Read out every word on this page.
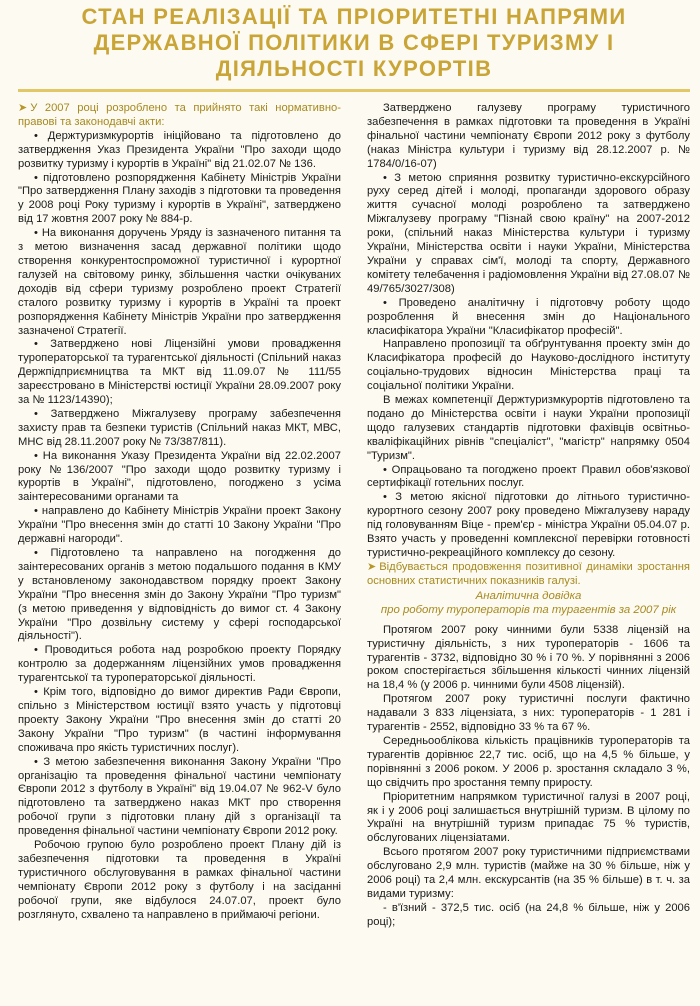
СТАН РЕАЛІЗАЦІЇ ТА ПРІОРИТЕТНІ НАПРЯМИ ДЕРЖАВНОЇ ПОЛІТИКИ В СФЕРІ ТУРИЗМУ І ДІЯЛЬНОСТІ КУРОРТІВ

➤ У 2007 році розроблено та прийнято такі нормативно-правові та законодавчі акти:

• Держтуризмкурортів ініційовано та підготовлено до затвердження Указ Президента України "Про заходи щодо розвитку туризму і курортів в Україні" від 21.02.07 № 136.

• підготовлено розпорядження Кабінету Міністрів України "Про затвердження Плану заходів з підготовки та проведення у 2008 році Року туризму і курортів в Україні", затверджено від 17 жовтня 2007 року № 884-р.

• На виконання доручень Уряду із зазначеного питання та з метою визначення засад державної політики щодо створення конкурентоспроможної туристичної і курортної галузей на світовому ринку, збільшення частки очікуваних доходів від сфери туризму розроблено проект Стратегії сталого розвитку туризму і курортів в Україні та проект розпорядження Кабінету Міністрів України про затвердження зазначеної Стратегії.

• Затверджено нові Ліцензійні умови провадження туроператорської та турагентської діяльності (Спільний наказ Держпідприємництва та МКТ від 11.09.07 № 111/55 зареєстровано в Міністерстві юстиції України 28.09.2007 року за № 1123/14390);

• Затверджено Міжгалузеву програму забезпечення захисту прав та безпеки туристів (Спільний наказ МКТ, МВС, МНС від 28.11.2007 року № 73/387/811).

• На виконання Указу Президента України від 22.02.2007 року №136/2007 "Про заходи щодо розвитку туризму і курортів в Україні", підготовлено, погоджено з усіма заінтересованими органами та

• направлено до Кабінету Міністрів України проект Закону України "Про внесення змін до статті 10 Закону України "Про державні нагороди".

• Підготовлено та направлено на погодження до заінтересованих органів з метою подальшого подання в КМУ у встановленому законодавством порядку проект Закону України "Про внесення змін до Закону України "Про туризм" (з метою приведення у відповідність до вимог ст. 4 Закону України "Про дозвільну систему у сфері господарської діяльності").

• Проводиться робота над розробкою проекту Порядку контролю за додержанням ліцензійних умов провадження турагентської та туроператорської діяльності.

• Крім того, відповідно до вимог директив Ради Європи, спільно з Міністерством юстиції взято участь у підготовці проекту Закону України "Про внесення змін до статті 20 Закону України "Про туризм" (в частині інформування споживача про якість туристичних послуг).

• З метою забезпечення виконання Закону України "Про організацію та проведення фінальної частини чемпіонату Європи 2012 з футболу в Україні" від 19.04.07 № 962-V було підготовлено та затверджено наказ МКТ про створення робочої групи з підготовки плану дій з організації та проведення фінальної частини чемпіонату Європи 2012 року.

Робочою групою було розроблено проект Плану дій із забезпечення підготовки та проведення в Україні туристичного обслуговування в рамках фінальної частини чемпіонату Європи 2012 року з футболу і на засіданні робочої групи, яке відбулося 24.07.07, проект було розглянуто, схвалено та направлено в приймаючі регіони.

Затверджено галузеву програму туристичного забезпечення в рамках підготовки та проведення в Україні фінальної частини чемпіонату Європи 2012 року з футболу (наказ Міністра культури і туризму від 28.12.2007 р. № 1784/0/16-07)

• З метою сприяння розвитку туристично-екскурсійного руху серед дітей і молоді, пропаганди здорового образу життя сучасної молоді розроблено та затверджено Міжгалузеву програму "Пізнай свою країну" на 2007-2012 роки, (спільний наказ Міністерства культури і туризму України, Міністерства освіти і науки України, Міністерства України у справах сім'ї, молоді та спорту, Державного комітету телебачення і радіомовлення України від 27.08.07 № 49/765/3027/308)

• Проведено аналітичну і підготовчу роботу щодо розроблення й внесення змін до Національного класифікатора України "Класифікатор професій".

Направлено пропозиції та обґрунтування проекту змін до Класифікатора професій до Науково-дослідного інституту соціально-трудових відносин Міністерства праці та соціальної політики України.

В межах компетенції Держтуризмкурортів підготовлено та подано до Міністерства освіти і науки України пропозиції щодо галузевих стандартів підготовки фахівців освітньо-кваліфікаційних рівнів "спеціаліст", "магістр" напрямку 0504 "Туризм".

• Опрацьовано та погоджено проект Правил обов'язкової сертифікації готельних послуг.

• З метою якісної підготовки до літнього туристично-курортного сезону 2007 року проведено Міжгалузеву нараду під головуванням Віце - прем'єр - міністра України 05.04.07 р. Взято участь у проведенні комплексної перевірки готовності туристично-рекреаційного комплексу до сезону.

➤ Відбувається продовження позитивної динаміки зростання основних статистичних показників галузі.

Аналітична довідка

про роботу туроператорів та турагентів за 2007 рік

Протягом 2007 року чинними були 5338 ліцензій на туристичну діяльність, з них туроператорів - 1606 та турагентів - 3732, відповідно 30 % і 70 %. У порівнянні з 2006 роком спостерігається збільшення кількості чинних ліцензій на 18,4 % (у 2006 р. чинними були 4508 ліцензій).

Протягом 2007 року туристичні послуги фактично надавали 3 833 ліцензіата, з них: туроператорів - 1 281 і турагентів - 2552, відповідно 33 % та 67 %.

Середньооблікова кількість працівників туроператорів та турагентів дорівнює 22,7 тис. осіб, що на 4,5 % більше, у порівнянні з 2006 роком. У 2006 р. зростання складало 3 %, що свідчить про зростання темпу приросту.

Пріоритетним напрямком туристичної галузі в 2007 році, як і у 2006 році залишається внутрішній туризм. В цілому по Україні на внутрішній туризм припадає 75 % туристів, обслугованих ліцензіатами.

Всього протягом 2007 року туристичними підприємствами обслуговано 2,9 млн. туристів (майже на 30 % більше, ніж у 2006 році) та 2,4 млн. екскурсантів (на 35 % більше) в т. ч. за видами туризму:

- в'їзний - 372,5 тис. осіб (на 24,8 % більше, ніж у 2006 році);
